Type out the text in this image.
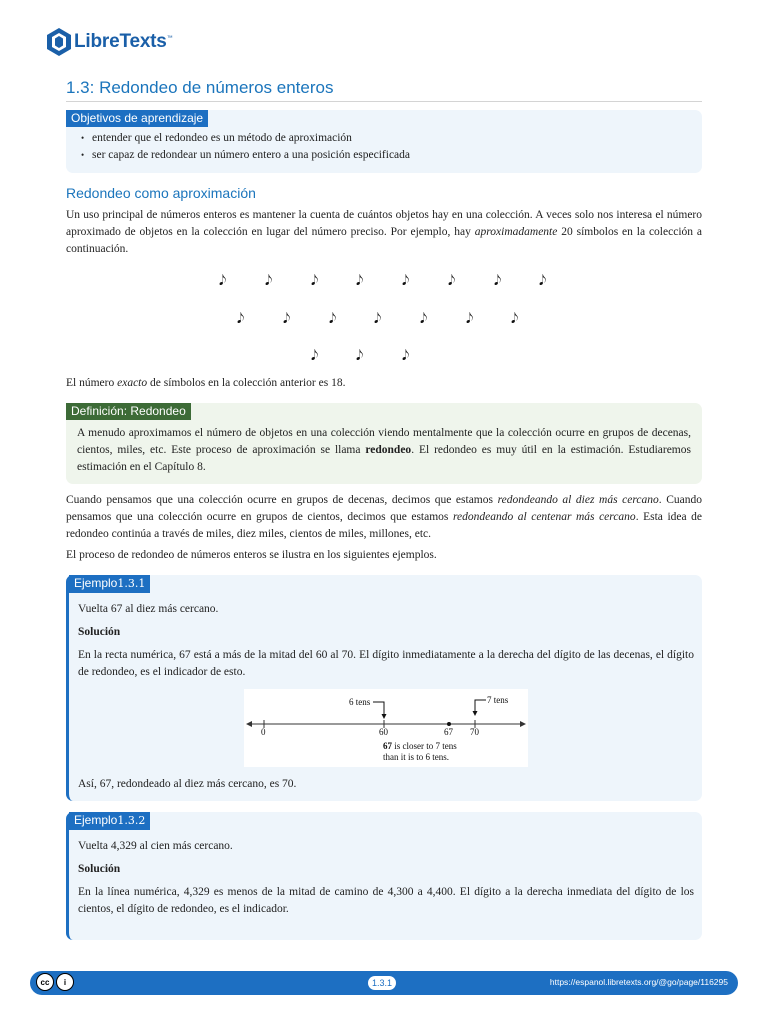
LibreTexts™
1.3: Redondeo de números enteros
Objetivos de aprendizaje
• entender que el redondeo es un método de aproximación
• ser capaz de redondear un número entero a una posición especificada
Redondeo como aproximación

Un uso principal de números enteros es mantener la cuenta de cuántos objetos hay en una colección. A veces solo nos interesa el número aproximado de objetos en la colección en lugar del número preciso. Por ejemplo, hay aproximadamente 20 símbolos en la colección a continuación.

𝅘𝅥𝅮	𝅘𝅥𝅮	𝅘𝅥𝅮	𝅘𝅥𝅮	𝅘𝅥𝅮	𝅘𝅥𝅮	𝅘𝅥𝅮	𝅘𝅥𝅮
𝅘𝅥𝅮	𝅘𝅥𝅮	𝅘𝅥𝅮	𝅘𝅥𝅮	𝅘𝅥𝅮	𝅘𝅥𝅮	𝅘𝅥𝅮
𝅘𝅥𝅮	𝅘𝅥𝅮	𝅘𝅥𝅮

El número exacto de símbolos en la colección anterior es 18.

Definición: Redondeo

A menudo aproximamos el número de objetos en una colección viendo mentalmente que la colección ocurre en grupos de decenas, cientos, miles, etc. Este proceso de aproximación se llama redondeo. El redondeo es muy útil en la estimación. Estudiaremos estimación en el Capítulo 8.

Cuando pensamos que una colección ocurre en grupos de decenas, decimos que estamos redondeando al diez más cercano. Cuando pensamos que una colección ocurre en grupos de cientos, decimos que estamos redondeando al centenar más cercano. Esta idea de redondeo continúa a través de miles, diez miles, cientos de miles, millones, etc.

El proceso de redondeo de números enteros se ilustra en los siguientes ejemplos.

Ejemplo1.3.1

Vuelta 67 al diez más cercano.

Solución

En la recta numérica, 67 está a más de la mitad del 60 al 70. El dígito inmediatamente a la derecha del dígito de las decenas, el dígito de redondeo, es el indicador de esto.

6 tens	7 tens
0	60	67 70
67 is closer to 7 tens
than it is to 6 tens.

Así, 67, redondeado al diez más cercano, es 70.

Ejemplo1.3.2

Vuelta 4,329 al cien más cercano.

Solución

En la línea numérica, 4,329 es menos de la mitad de camino de 4,300 a 4,400. El dígito a la derecha inmediata del dígito de los cientos, el dígito de redondeo, es el indicador.

cc	i	1.3.1	https://espanol.libretexts.org/@go/page/116295
